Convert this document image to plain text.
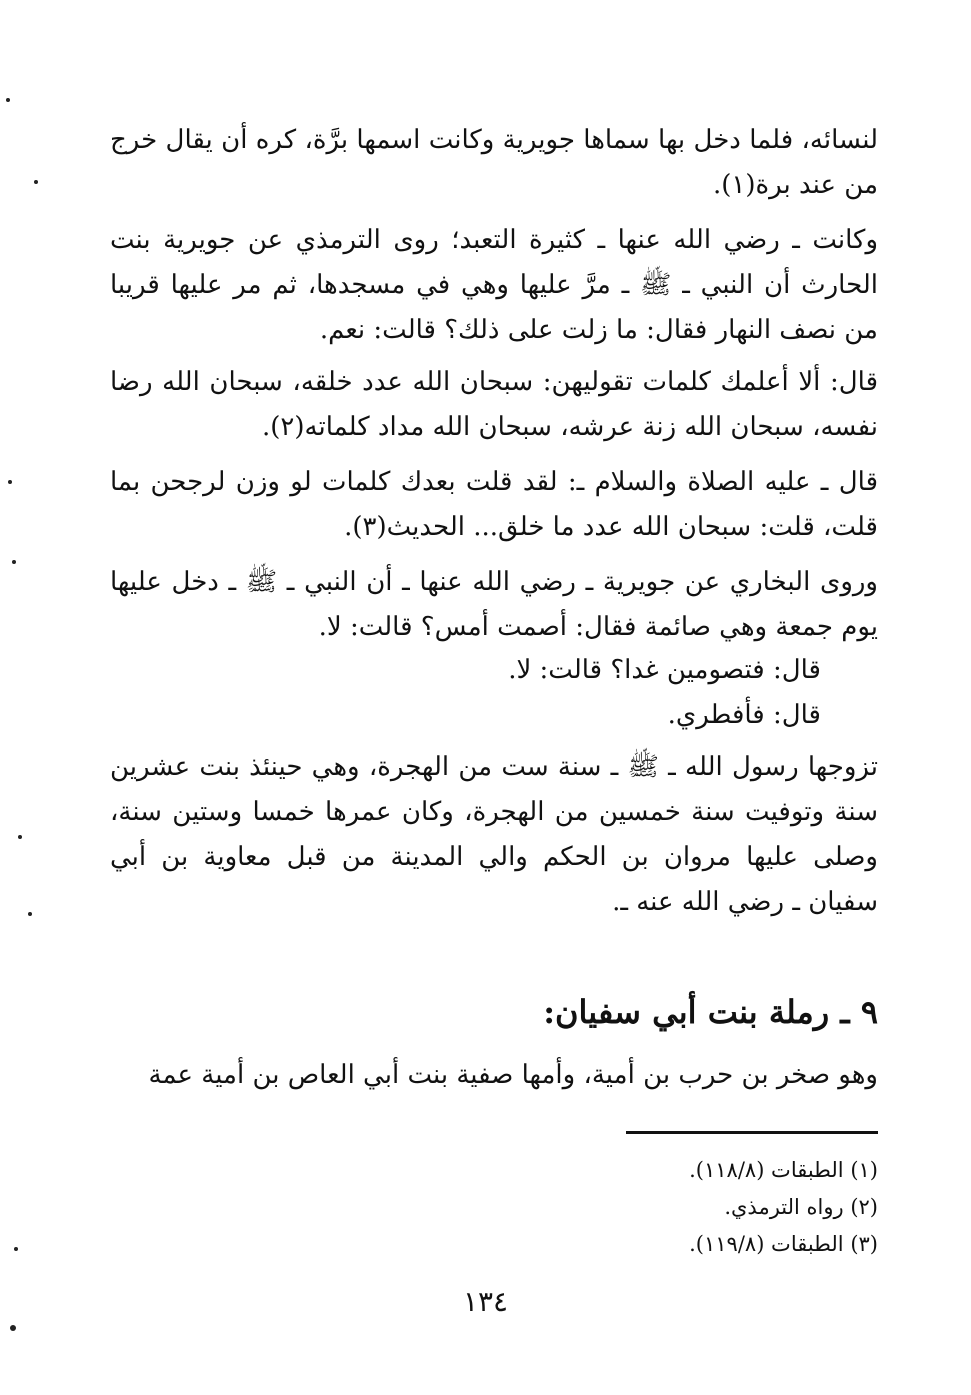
لنسائه، فلما دخل بها سماها جويرية وكانت اسمها برَّة، كره أن يقال خرج من عند برة(١).

وكانت ـ رضي الله عنها ـ كثيرة التعبد؛ روى الترمذي عن جويرية بنت الحارث أن النبي ـ ﷺ ـ مرَّ عليها وهي في مسجدها، ثم مر عليها قريبا من نصف النهار فقال: ما زلت على ذلك؟ قالت: نعم.

قال: ألا أعلمك كلمات تقوليهن: سبحان الله عدد خلقه، سبحان الله رضا نفسه، سبحان الله زنة عرشه، سبحان الله مداد كلماته(٢).

قال ـ عليه الصلاة والسلام ـ: لقد قلت بعدك كلمات لو وزن لرجحن بما قلت، قلت: سبحان الله عدد ما خلق... الحديث(٣).

وروى البخاري عن جويرية ـ رضي الله عنها ـ أن النبي ـ ﷺ ـ دخل عليها يوم جمعة وهي صائمة فقال: أصمت أمس؟ قالت: لا.

قال: فتصومين غدا؟ قالت: لا.

قال: فأفطري.

تزوجها رسول الله ـ ﷺ ـ سنة ست من الهجرة، وهي حينئذ بنت عشرين سنة وتوفيت سنة خمسين من الهجرة، وكان عمرها خمسا وستين سنة، وصلى عليها مروان بن الحكم والي المدينة من قبل معاوية بن أبي سفيان ـ رضي الله عنه ـ.

٩ ـ رملة بنت أبي سفيان:

وهو صخر بن حرب بن أمية، وأمها صفية بنت أبي العاص بن أمية عمة

(١) الطبقات (١١٨/٨).

(٢) رواه الترمذي.

(٣) الطبقات (١١٩/٨).

١٣٤
